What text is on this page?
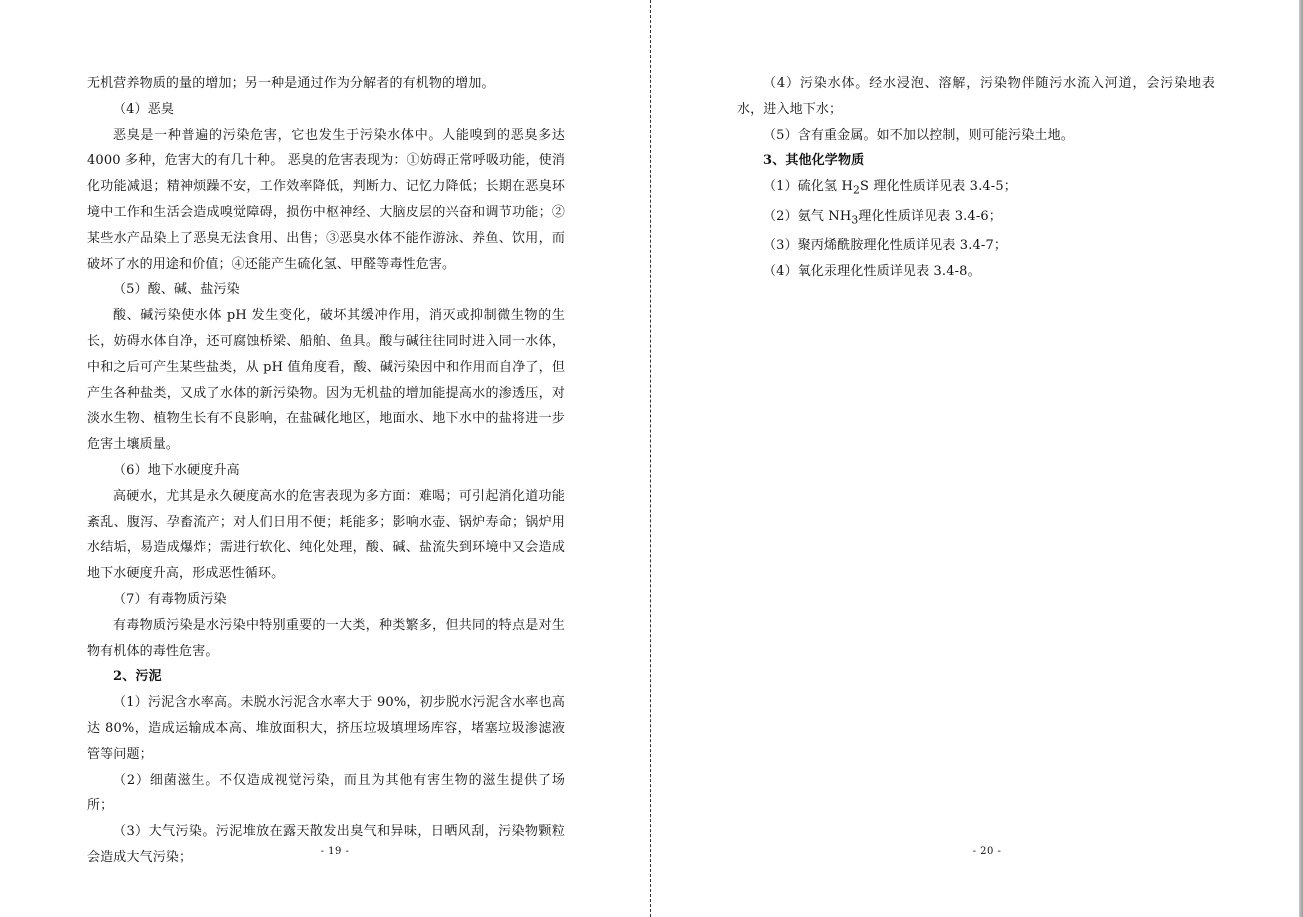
无机营养物质的量的增加；另一种是通过作为分解者的有机物的增加。

（4）恶臭

恶臭是一种普遍的污染危害，它也发生于污染水体中。人能嗅到的恶臭多达 4000 多种，危害大的有几十种。 恶臭的危害表现为：①妨碍正常呼吸功能，使消化功能减退；精神烦躁不安，工作效率降低，判断力、记忆力降低；长期在恶臭环境中工作和生活会造成嗅觉障碍，损伤中枢神经、大脑皮层的兴奋和调节功能；②某些水产品染上了恶臭无法食用、出售；③恶臭水体不能作游泳、养鱼、饮用，而破坏了水的用途和价值；④还能产生硫化氢、甲醛等毒性危害。

（5）酸、碱、盐污染

酸、碱污染使水体 pH 发生变化，破坏其缓冲作用，消灭或抑制微生物的生长，妨碍水体自净，还可腐蚀桥梁、船舶、鱼具。酸与碱往往同时进入同一水体，中和之后可产生某些盐类，从 pH 值角度看，酸、碱污染因中和作用而自净了，但产生各种盐类，又成了水体的新污染物。因为无机盐的增加能提高水的渗透压，对淡水生物、植物生长有不良影响，在盐碱化地区，地面水、地下水中的盐将进一步危害土壤质量。

（6）地下水硬度升高

高硬水，尤其是永久硬度高水的危害表现为多方面：难喝；可引起消化道功能紊乱、腹泻、孕畜流产；对人们日用不便；耗能多；影响水壶、锅炉寿命；锅炉用水结垢，易造成爆炸；需进行软化、纯化处理，酸、碱、盐流失到环境中又会造成地下水硬度升高，形成恶性循环。

（7）有毒物质污染

有毒物质污染是水污染中特别重要的一大类，种类繁多，但共同的特点是对生物有机体的毒性危害。

2、污泥

（1）污泥含水率高。未脱水污泥含水率大于 90%，初步脱水污泥含水率也高达 80%，造成运输成本高、堆放面积大，挤压垃圾填埋场库容，堵塞垃圾渗滤液管等问题；

（2）细菌滋生。不仅造成视觉污染，而且为其他有害生物的滋生提供了场所；

（3）大气污染。污泥堆放在露天散发出臭气和异味，日晒风刮，污染物颗粒会造成大气污染；	- 19 -

（4）污染水体。经水浸泡、溶解，污染物伴随污水流入河道，会污染地表水，进入地下水；

（5）含有重金属。如不加以控制，则可能污染土地。

3、其他化学物质

（1）硫化氢 $H_2S$ 理化性质详见表 3.4-5；

（2）氨气 $NH_3$理化性质详见表 3.4-6；

（3）聚丙烯酰胺理化性质详见表 3.4-7；

（4）氧化汞理化性质详见表 3.4-8。

- 20 -
